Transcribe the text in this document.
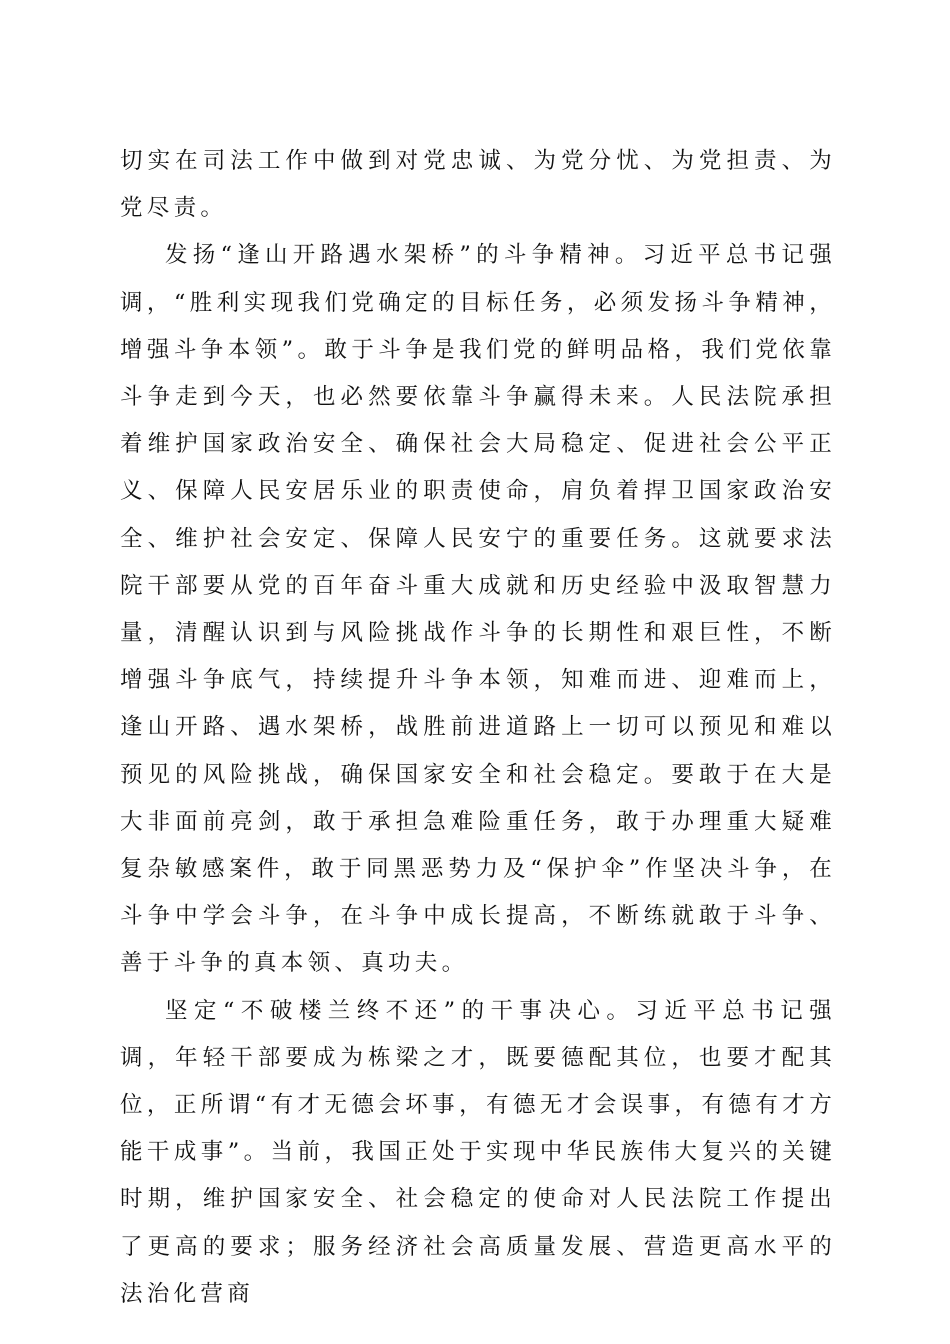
切实在司法工作中做到对党忠诚、为党分忧、为党担责、为党尽责。

发扬“逢山开路遇水架桥”的斗争精神。习近平总书记强调，“胜利实现我们党确定的目标任务，必须发扬斗争精神，增强斗争本领”。敢于斗争是我们党的鲜明品格，我们党依靠斗争走到今天，也必然要依靠斗争赢得未来。人民法院承担着维护国家政治安全、确保社会大局稳定、促进社会公平正义、保障人民安居乐业的职责使命，肩负着捍卫国家政治安全、维护社会安定、保障人民安宁的重要任务。这就要求法院干部要从党的百年奋斗重大成就和历史经验中汲取智慧力量，清醒认识到与风险挑战作斗争的长期性和艰巨性，不断增强斗争底气，持续提升斗争本领，知难而进、迎难而上，逢山开路、遇水架桥，战胜前进道路上一切可以预见和难以预见的风险挑战，确保国家安全和社会稳定。要敢于在大是大非面前亮剑，敢于承担急难险重任务，敢于办理重大疑难复杂敏感案件，敢于同黑恶势力及“保护伞”作坚决斗争，在斗争中学会斗争，在斗争中成长提高，不断练就敢于斗争、善于斗争的真本领、真功夫。

坚定“不破楼兰终不还”的干事决心。习近平总书记强调，年轻干部要成为栋梁之才，既要德配其位，也要才配其位，正所谓“有才无德会坏事，有德无才会误事，有德有才方能干成事”。当前，我国正处于实现中华民族伟大复兴的关键时期，维护国家安全、社会稳定的使命对人民法院工作提出了更高的要求；服务经济社会高质量发展、营造更高水平的法治化营商
